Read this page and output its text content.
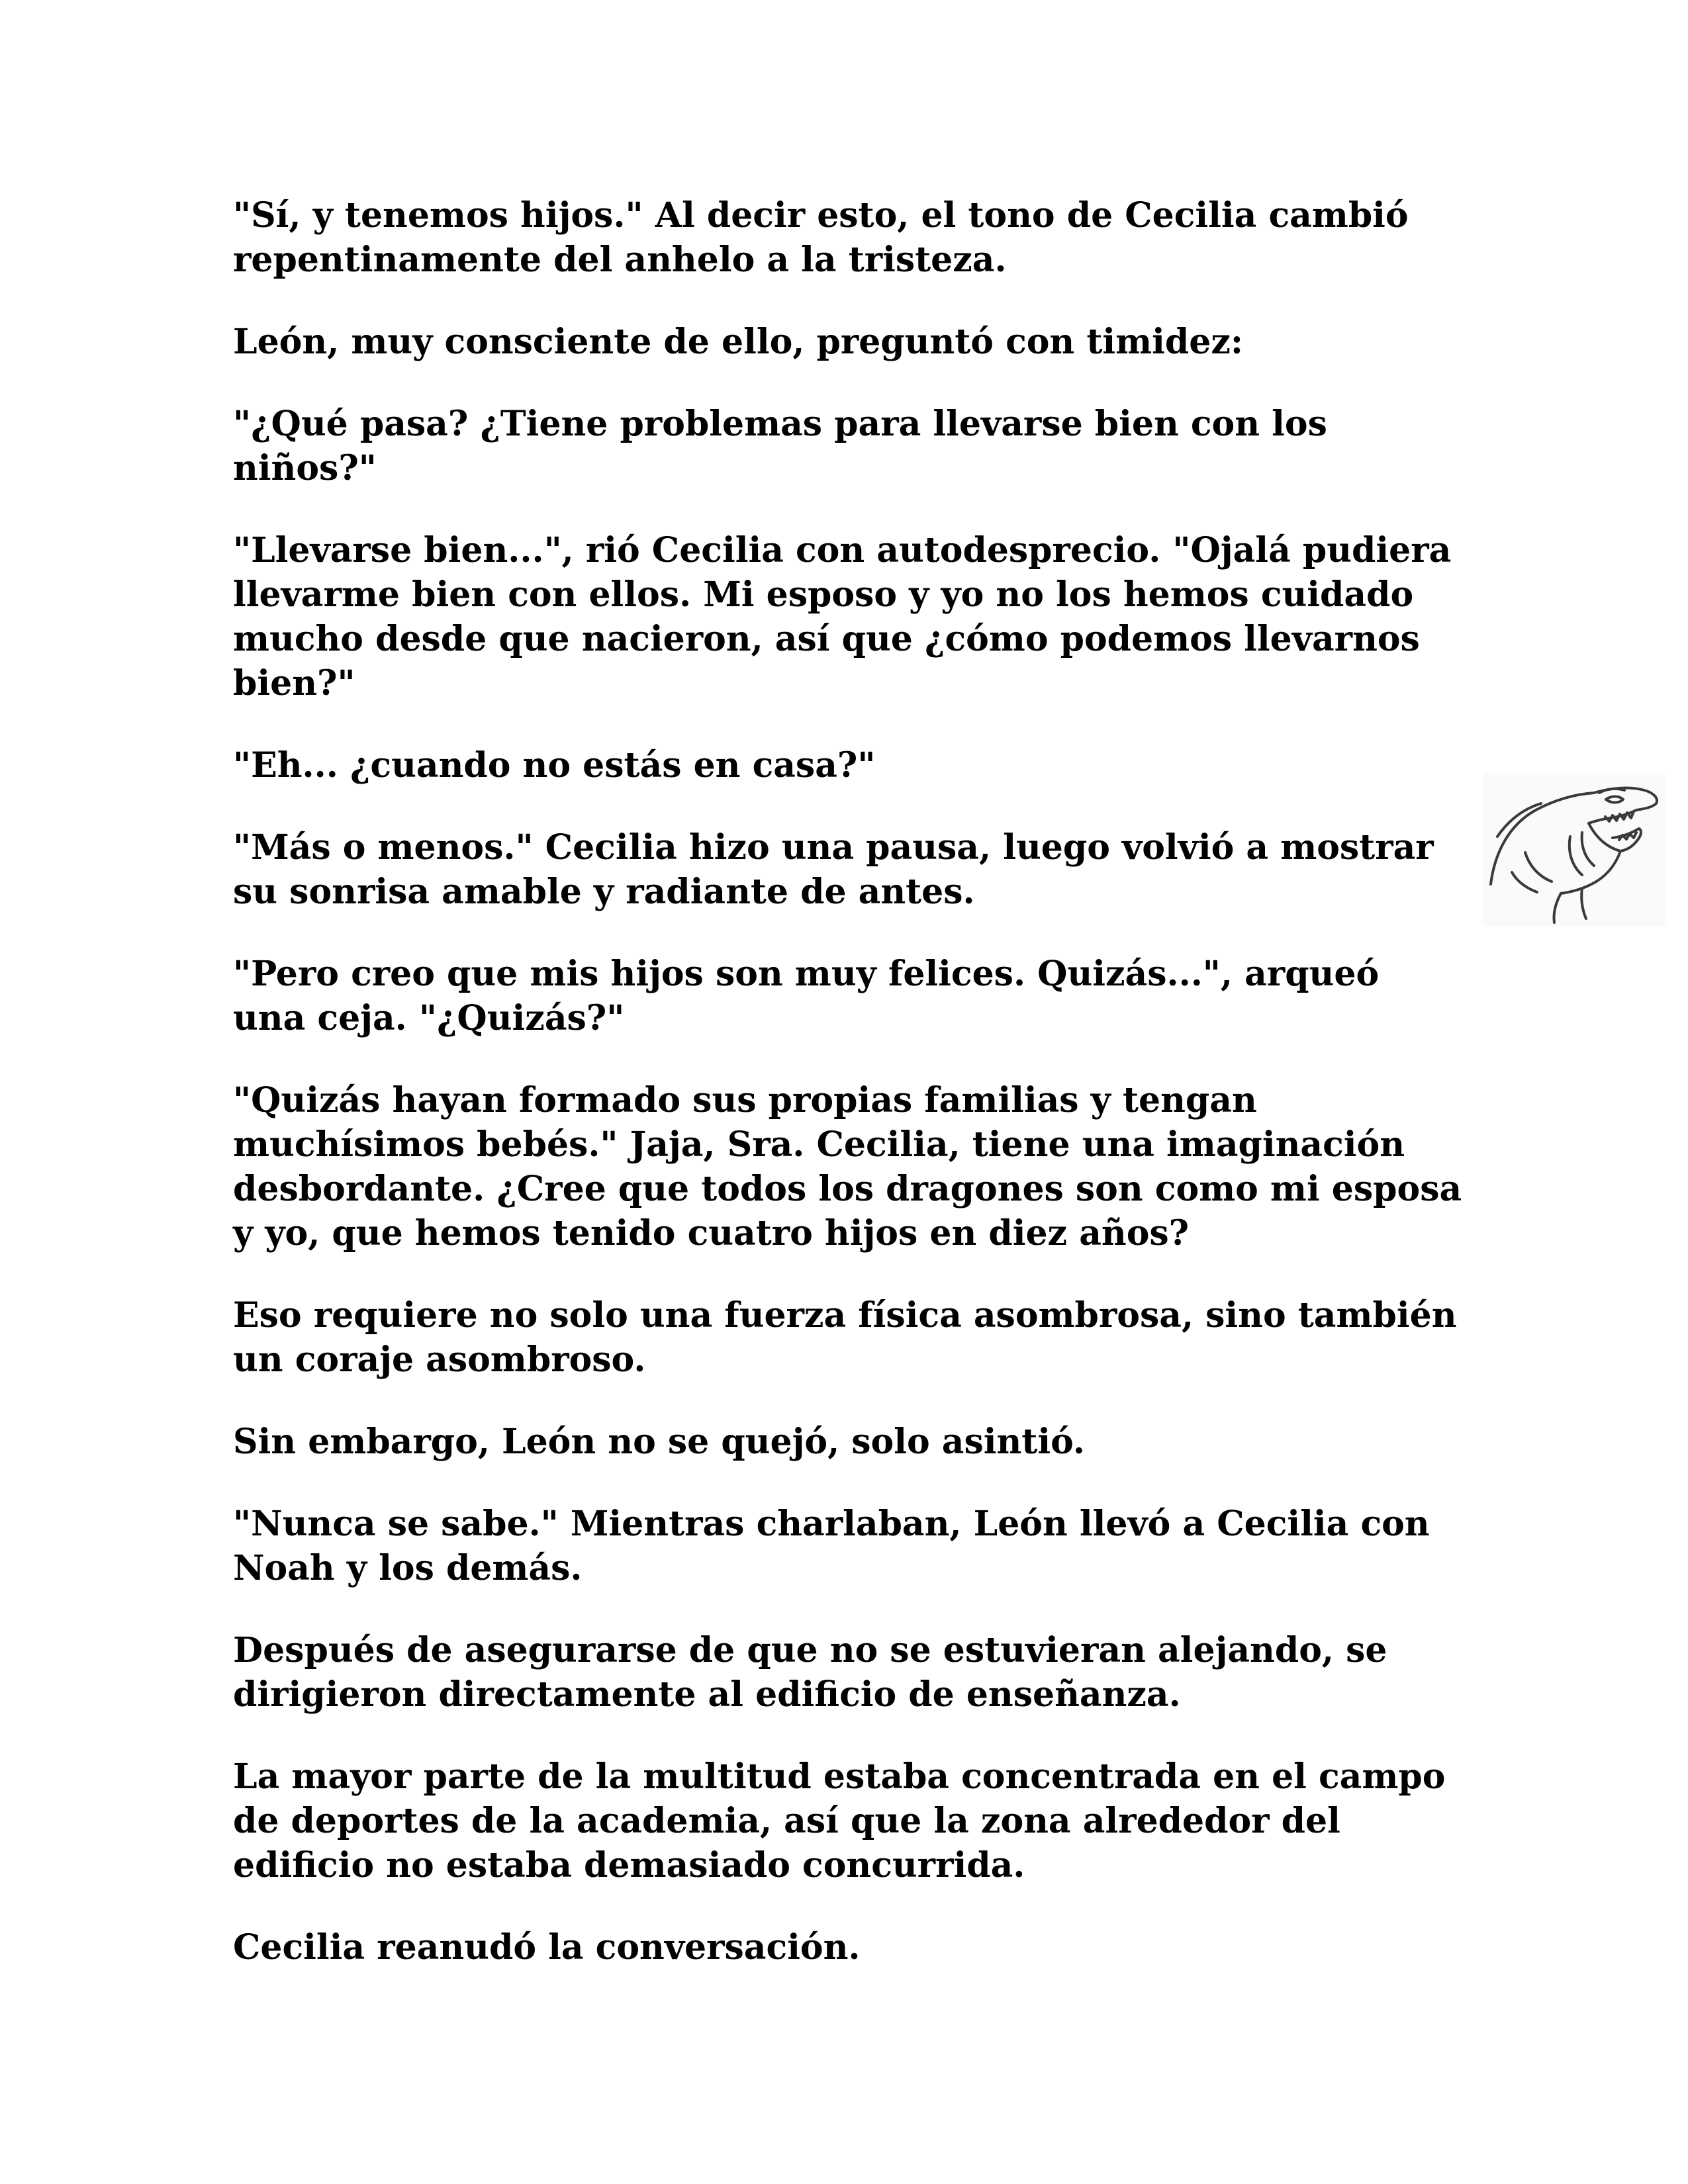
"Sí, y tenemos hijos." Al decir esto, el tono de Cecilia cambió
repentinamente del anhelo a la tristeza.

León, muy consciente de ello, preguntó con timidez:

"¿Qué pasa? ¿Tiene problemas para llevarse bien con los
niños?"

"Llevarse bien...", rió Cecilia con autodesprecio. "Ojalá pudiera
llevarme bien con ellos. Mi esposo y yo no los hemos cuidado
mucho desde que nacieron, así que ¿cómo podemos llevarnos
bien?"

"Eh... ¿cuando no estás en casa?"

"Más o menos." Cecilia hizo una pausa, luego volvió a mostrar
su sonrisa amable y radiante de antes.

"Pero creo que mis hijos son muy felices. Quizás...", arqueó
una ceja. "¿Quizás?"

"Quizás hayan formado sus propias familias y tengan
muchísimos bebés." Jaja, Sra. Cecilia, tiene una imaginación
desbordante. ¿Cree que todos los dragones son como mi esposa
y yo, que hemos tenido cuatro hijos en diez años?

Eso requiere no solo una fuerza física asombrosa, sino también
un coraje asombroso.

Sin embargo, León no se quejó, solo asintió.

"Nunca se sabe." Mientras charlaban, León llevó a Cecilia con
Noah y los demás.

Después de asegurarse de que no se estuvieran alejando, se
dirigieron directamente al edificio de enseñanza.

La mayor parte de la multitud estaba concentrada en el campo
de deportes de la academia, así que la zona alrededor del
edificio no estaba demasiado concurrida.

Cecilia reanudó la conversación.
